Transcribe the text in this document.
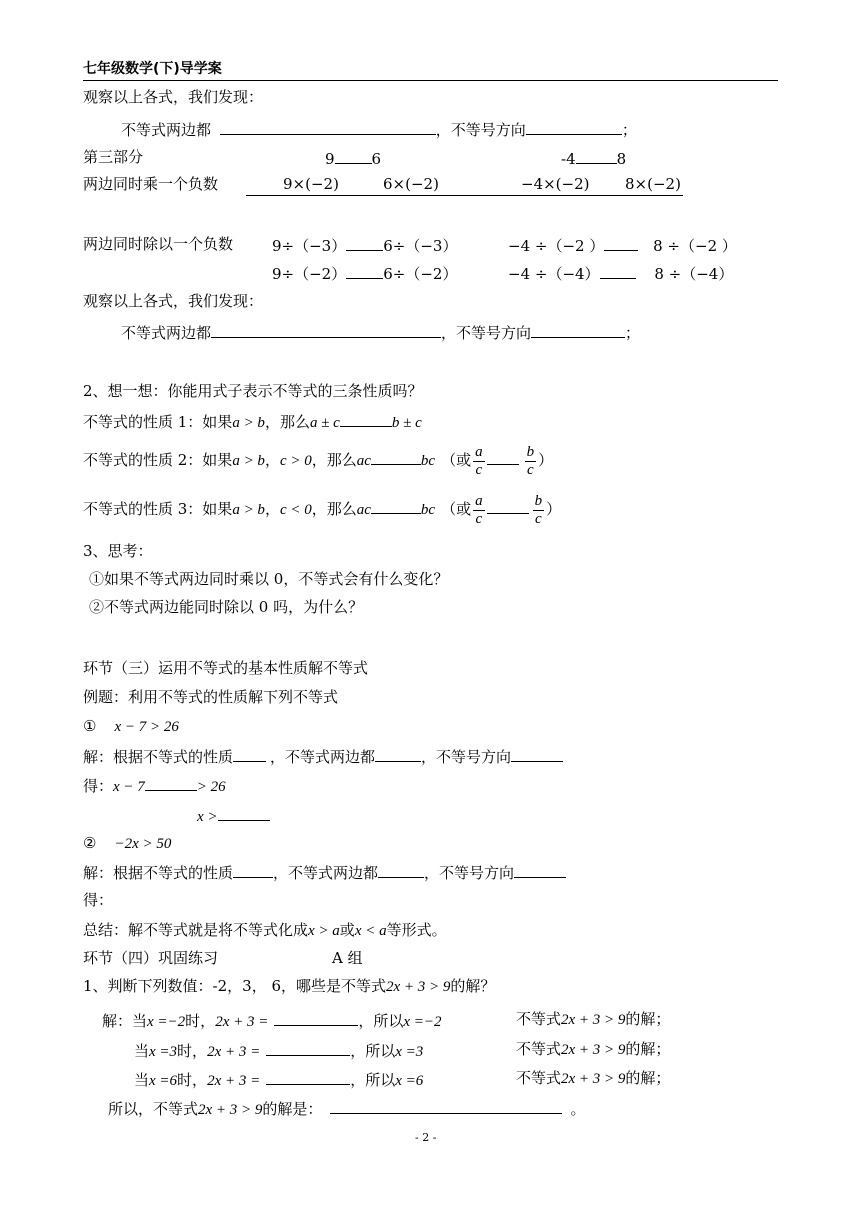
七年级数学(下)导学案
观察以上各式，我们发现：
不等式两边都	，不等号方向	；
第三部分	9 6	-4	8
两边同时乘一个负数	9×(−2)	6×(−2)	−4×(−2) 8×(−2)

两边同时除以一个负数	9÷（−3） 6÷（−3）	−4 ÷（−2 ）	8 ÷（−2 ）
9÷（−2） 6÷（−2）	−4 ÷（−4）	8 ÷（−4）
观察以上各式，我们发现：
不等式两边都	，不等号方向	；
2、想一想：你能用式子表示不等式的三条性质吗？
不等式的性质 1：如果a > b，那么a ± c	b ± c
不等式的性质 2：如果a > b，c > 0，那么ac	bc （或 $\frac{a}{c}$	$\frac{b}{c}$ ）
不等式的性质 3：如果a > b，c < 0，那么ac	bc （或 $\frac{a}{c}$	$\frac{b}{c}$ ）
3、思考：
①如果不等式两边同时乘以 0，不等式会有什么变化？
②不等式两边能同时除以 0 吗，为什么？
环节（三）运用不等式的基本性质解不等式
例题：利用不等式的性质解下列不等式
① x − 7 > 26
解：根据不等式的性质 ，不等式两边都	，不等号方向
得：x − 7	> 26
x >
② −2x > 50
解：根据不等式的性质	，不等式两边都	，不等号方向
得：
总结：解不等式就是将不等式化成x > a或x < a等形式。
环节（四）巩固练习	A 组
1、判断下列数值：-2，3， 6，哪些是不等式2x + 3 > 9的解？
解：当x =−2时，2x + 3 =	，所以x =−2	不等式2x + 3 > 9的解；
当x =3时，2x + 3 =	，所以x =3	不等式2x + 3 > 9的解；
当x =6时，2x + 3 =	，所以x =6	不等式2x + 3 > 9的解；
所以，不等式2x + 3 > 9的解是：	。
- 2 -
